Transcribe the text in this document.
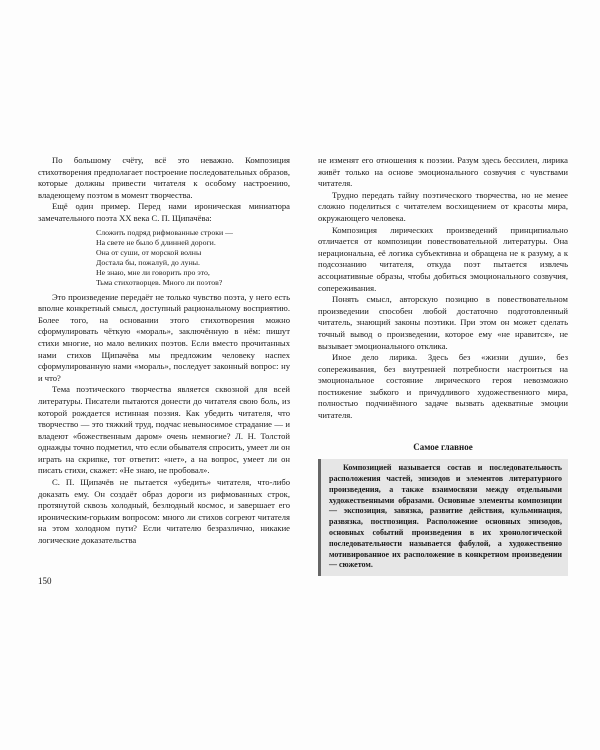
По большому счёту, всё это неважно. Композиция стихотворения предполагает построение последовательных образов, которые должны привести читателя к особому настроению, владеющему поэтом в момент творчества.

Ещё один пример. Перед нами ироническая миниатюра замечательного поэта XX века С. П. Щипачёва:

Сложить подряд рифмованные строки —
На свете не было б длинней дороги.
Она от суши, от морской волны
Достала бы, пожалуй, до луны.
Не знаю, мне ли говорить про это,
Тьма стихотворцев. Много ли поэтов?

Это произведение передаёт не только чувство поэта, у него есть вполне конкретный смысл, доступный рациональному восприятию. Более того, на основании этого стихотворения можно сформулировать чёткую «мораль», заключённую в нём: пишут стихи многие, но мало великих поэтов. Если вместо прочитанных нами стихов Щипачёва мы предложим человеку наспех сформулированную нами «мораль», последует законный вопрос: ну и что?

Тема поэтического творчества является сквозной для всей литературы. Писатели пытаются донести до читателя свою боль, из которой рождается истинная поэзия. Как убедить читателя, что творчество — это тяжкий труд, подчас невыносимое страдание — и владеют «божественным даром» очень немногие? Л. Н. Толстой однажды точно подметил, что если обывателя спросить, умеет ли он играть на скрипке, тот ответит: «нет», а на вопрос, умеет ли он писать стихи, скажет: «Не знаю, не пробовал».

С. П. Щипачёв не пытается «убедить» читателя, что-либо доказать ему. Он создаёт образ дороги из рифмованных строк, протянутой сквозь холодный, безлюдный космос, и завершает его ироническим-горьким вопросом: много ли стихов согреют читателя на этом холодном пути? Если читателю безразлично, никакие логические доказательства

150

не изменят его отношения к поэзии. Разум здесь бессилен, лирика живёт только на основе эмоционального созвучия с чувствами читателя.

Трудно передать тайну поэтического творчества, но не менее сложно поделиться с читателем восхищением от красоты мира, окружающего человека.

Композиция лирических произведений принципиально отличается от композиции повествовательной литературы. Она нерациональна, её логика субъективна и обращена не к разуму, а к подсознанию читателя, откуда поэт пытается извлечь ассоциативные образы, чтобы добиться эмоционального созвучия, сопереживания.

Понять смысл, авторскую позицию в повествовательном произведении способен любой достаточно подготовленный читатель, знающий законы поэтики. При этом он может сделать точный вывод о произведении, которое ему «не нравится», не вызывает эмоционального отклика.

Иное дело лирика. Здесь без «жизни души», без сопереживания, без внутренней потребности настроиться на эмоциональное состояние лирического героя невозможно постижение зыбкого и причудливого художественного мира, полностью подчинённого задаче вызвать адекватные эмоции читателя.

Самое главное

Композицией называется состав и последовательность расположения частей, эпизодов и элементов литературного произведения, а также взаимосвязи между отдельными художественными образами. Основные элементы композиции — экспозиция, завязка, развитие действия, кульминация, развязка, постпозиция. Расположение основных эпизодов, основных событий произведения в их хронологической последовательности называется фабулой, а художественно мотивированное их расположение в конкретном произведении — сюжетом.
